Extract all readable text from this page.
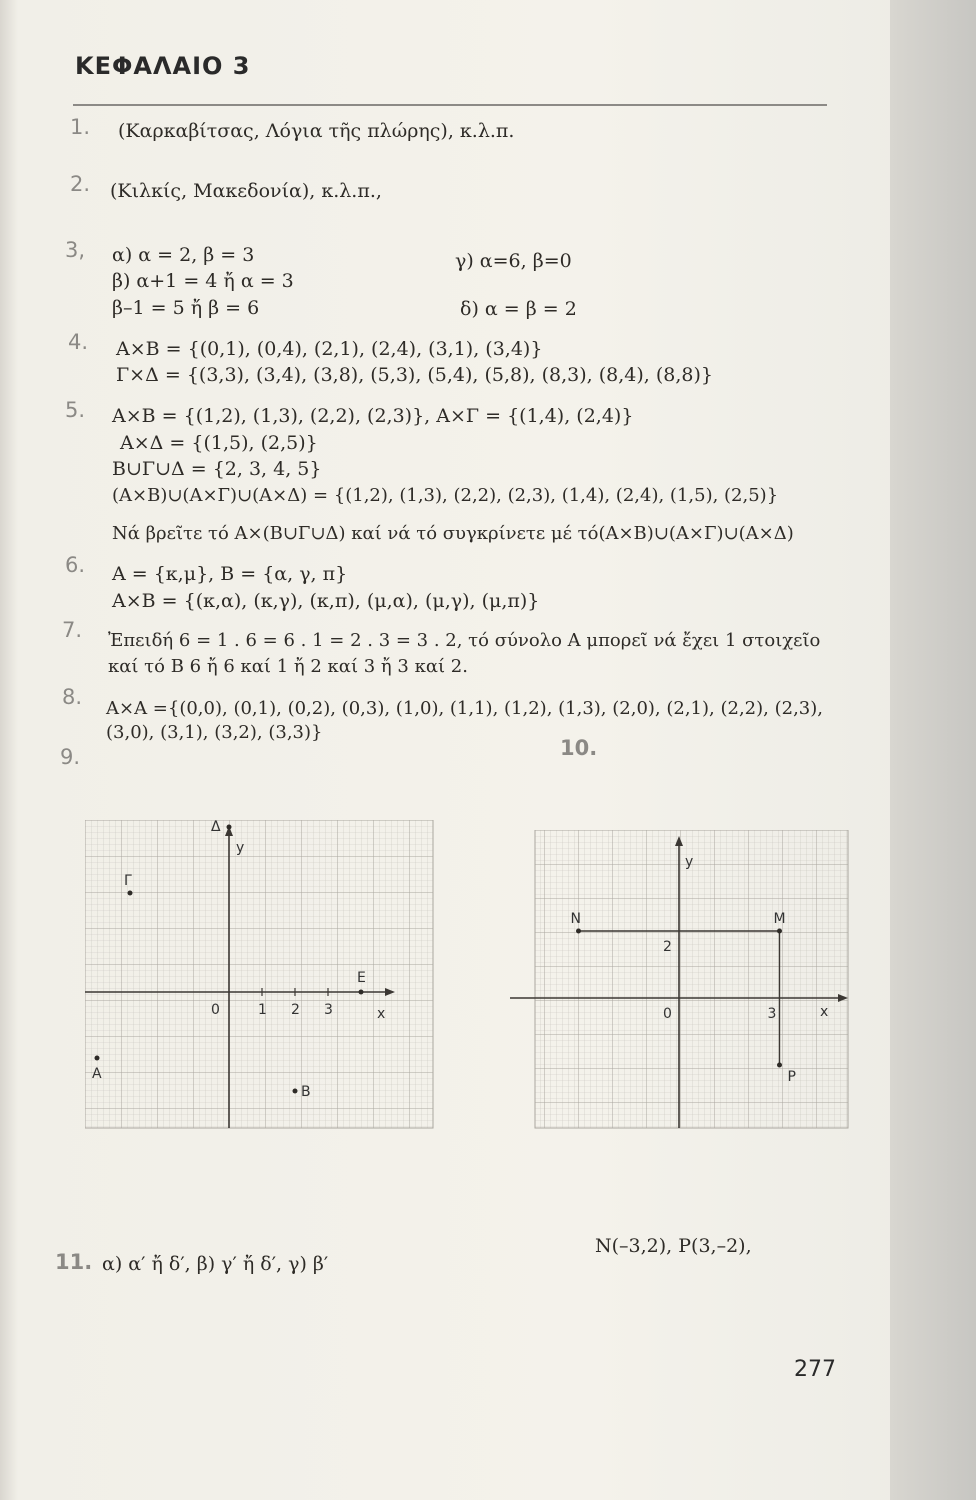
ΚΕΦΑΛΑΙΟ 3
1. (Καρκαβίτσας, Λόγια τῆς πλώρης), κ.λ.π.
2. (Κιλκίς, Μακεδονία), κ.λ.π.,
3, α) α = 2, β = 3
β) α+1 = 4 ἤ α = 3
β–1 = 5 ἤ β = 6
γ) α=6, β=0
δ) α = β = 2
4. A×B = {(0,1), (0,4), (2,1), (2,4), (3,1), (3,4)}
Γ×Δ = {(3,3), (3,4), (3,8), (5,3), (5,4), (5,8), (8,3), (8,4), (8,8)}
5. A×B = {(1,2), (1,3), (2,2), (2,3)}, A×Γ = {(1,4), (2,4)}
A×Δ = {(1,5), (2,5)}
B∪Γ∪Δ = {2, 3, 4, 5}
(A×B)∪(A×Γ)∪(A×Δ) = {(1,2), (1,3), (2,2), (2,3), (1,4), (2,4), (1,5), (2,5)}
Νά βρεῖτε τό A×(B∪Γ∪Δ) καί νά τό συγκρίνετε μέ τό(A×B)∪(A×Γ)∪(A×Δ)
6. A = {κ,μ}, B = {α, γ, π}
A×B = {(κ,α), (κ,γ), (κ,π), (μ,α), (μ,γ), (μ,π)}
7. Ἐπειδή 6 = 1 . 6 = 6 . 1 = 2 . 3 = 3 . 2, τό σύνολο A μπορεῖ νά ἔχει 1 στοιχεῖο
καί τό B 6 ἤ 6 καί 1 ἤ 2 καί 3 ἤ 3 καί 2.
8. A×A ={(0,0), (0,1), (0,2), (0,3), (1,0), (1,1), (1,2), (1,3), (2,0), (2,1), (2,2), (2,3),
(3,0), (3,1), (3,2), (3,3)}
9.	10.
0	1 2 3	x
y
Δ
Γ
E
A
B
0	x
y
2
3
N	M
P
N(–3,2), P(3,–2),
11. α) α′ ἤ δ′, β) γ′ ἤ δ′, γ) β′
277
